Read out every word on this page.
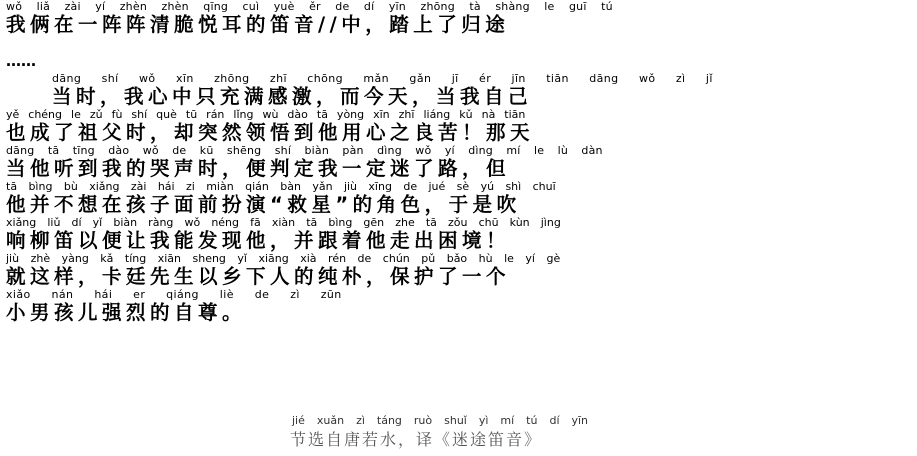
wǒ liǎ zài yí zhèn zhèn qīng cuì yuè ěr de dí yīn zhōng tà shàng le guī tú
我俩在一阵阵清脆悦耳的笛音//中，踏上了归途
……
dāng shí wǒ xīn zhōng zhī chōng mǎn gǎn jī ér jīn tiān dāng wǒ zì jǐ
当时，我心中只充满感激，而今天，当我自己
yě chéng le zǔ fù shí què tū rán lǐng wù dào tā yòng xīn zhī liáng kǔ nà tiān
也成了祖父时，却突然领悟到他用心之良苦！那天
dāng tā tīng dào wǒ de kū shēng shí biàn pàn dìng wǒ yí dìng mí le lù dàn
当他听到我的哭声时，便判定我一定迷了路，但
tā bìng bù xiǎng zài hái zi miàn qián bàn yǎn jiù xīng de jué sè yú shì chuī
他并不想在孩子面前扮演“救星”的角色，于是吹
xiǎng liǔ dí yǐ biàn ràng wǒ néng fā xiàn tā bìng gēn zhe tā zǒu chū kùn jìng
响柳笛以便让我能发现他，并跟着他走出困境！
jiù zhè yàng kǎ tíng xiān sheng yǐ xiāng xià rén de chún pǔ bǎo hù le yí gè
就这样，卡廷先生以乡下人的纯朴，保护了一个
xiǎo nán hái er qiáng liè de zì zūn
小男孩儿强烈的自尊。
jié xuǎn zì táng ruò shuǐ yì mí tú dí yīn
节选自唐若水，译《迷途笛音》
